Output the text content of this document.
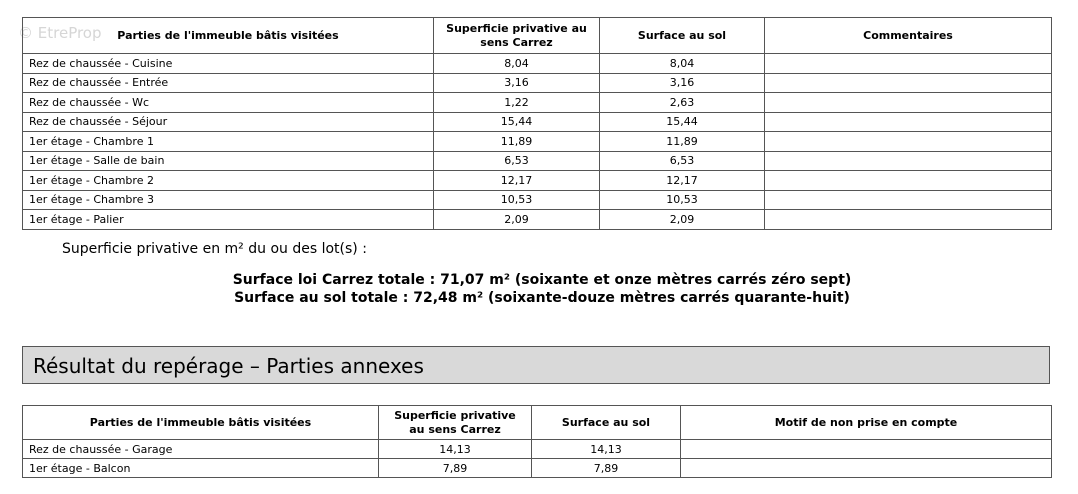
© EtreProp Parties de l'immeuble bâtis visitées	Superficie privative au sens Carrez	Surface au sol	Commentaires
Rez de chaussée - Cuisine	8,04	8,04	
Rez de chaussée - Entrée	3,16	3,16	
Rez de chaussée - Wc	1,22	2,63	
Rez de chaussée - Séjour	15,44	15,44	
1er étage - Chambre 1	11,89	11,89	
1er étage - Salle de bain	6,53	6,53	
1er étage - Chambre 2	12,17	12,17	
1er étage - Chambre 3	10,53	10,53	
1er étage - Palier	2,09	2,09	
Superficie privative en m² du ou des lot(s) :
Surface loi Carrez totale : 71,07 m² (soixante et onze mètres carrés zéro sept)
Surface au sol totale : 72,48 m² (soixante-douze mètres carrés quarante-huit)
Résultat du repérage – Parties annexes
Parties de l'immeuble bâtis visitées	Superficie privative au sens Carrez	Surface au sol	Motif de non prise en compte
Rez de chaussée - Garage	14,13	14,13	
1er étage - Balcon	7,89	7,89	
